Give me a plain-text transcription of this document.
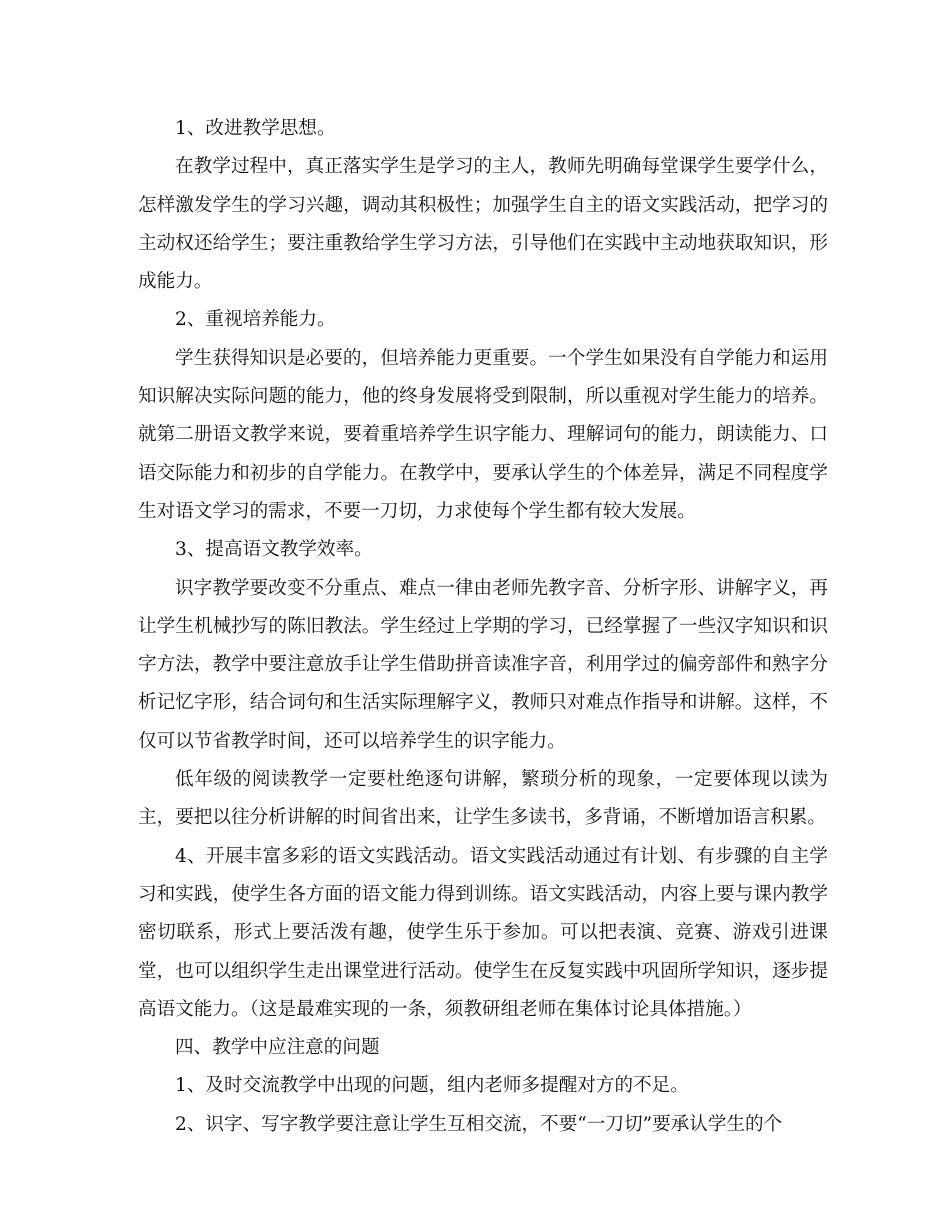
1、改进教学思想。

在教学过程中，真正落实学生是学习的主人，教师先明确每堂课学生要学什么，怎样激发学生的学习兴趣，调动其积极性；加强学生自主的语文实践活动，把学习的主动权还给学生；要注重教给学生学习方法，引导他们在实践中主动地获取知识，形成能力。

2、重视培养能力。

学生获得知识是必要的，但培养能力更重要。一个学生如果没有自学能力和运用知识解决实际问题的能力，他的终身发展将受到限制，所以重视对学生能力的培养。就第二册语文教学来说，要着重培养学生识字能力、理解词句的能力，朗读能力、口语交际能力和初步的自学能力。在教学中，要承认学生的个体差异，满足不同程度学生对语文学习的需求，不要一刀切，力求使每个学生都有较大发展。

3、提高语文教学效率。

识字教学要改变不分重点、难点一律由老师先教字音、分析字形、讲解字义，再让学生机械抄写的陈旧教法。学生经过上学期的学习，已经掌握了一些汉字知识和识字方法，教学中要注意放手让学生借助拼音读准字音，利用学过的偏旁部件和熟字分析记忆字形，结合词句和生活实际理解字义，教师只对难点作指导和讲解。这样，不仅可以节省教学时间，还可以培养学生的识字能力。

低年级的阅读教学一定要杜绝逐句讲解，繁琐分析的现象，一定要体现以读为主，要把以往分析讲解的时间省出来，让学生多读书，多背诵，不断增加语言积累。

4、开展丰富多彩的语文实践活动。语文实践活动通过有计划、有步骤的自主学习和实践，使学生各方面的语文能力得到训练。语文实践活动，内容上要与课内教学密切联系，形式上要活泼有趣，使学生乐于参加。可以把表演、竞赛、游戏引进课堂，也可以组织学生走出课堂进行活动。使学生在反复实践中巩固所学知识，逐步提高语文能力。（这是最难实现的一条，须教研组老师在集体讨论具体措施。）

四、教学中应注意的问题

1、及时交流教学中出现的问题，组内老师多提醒对方的不足。

2、识字、写字教学要注意让学生互相交流，不要“一刀切”要承认学生的个
